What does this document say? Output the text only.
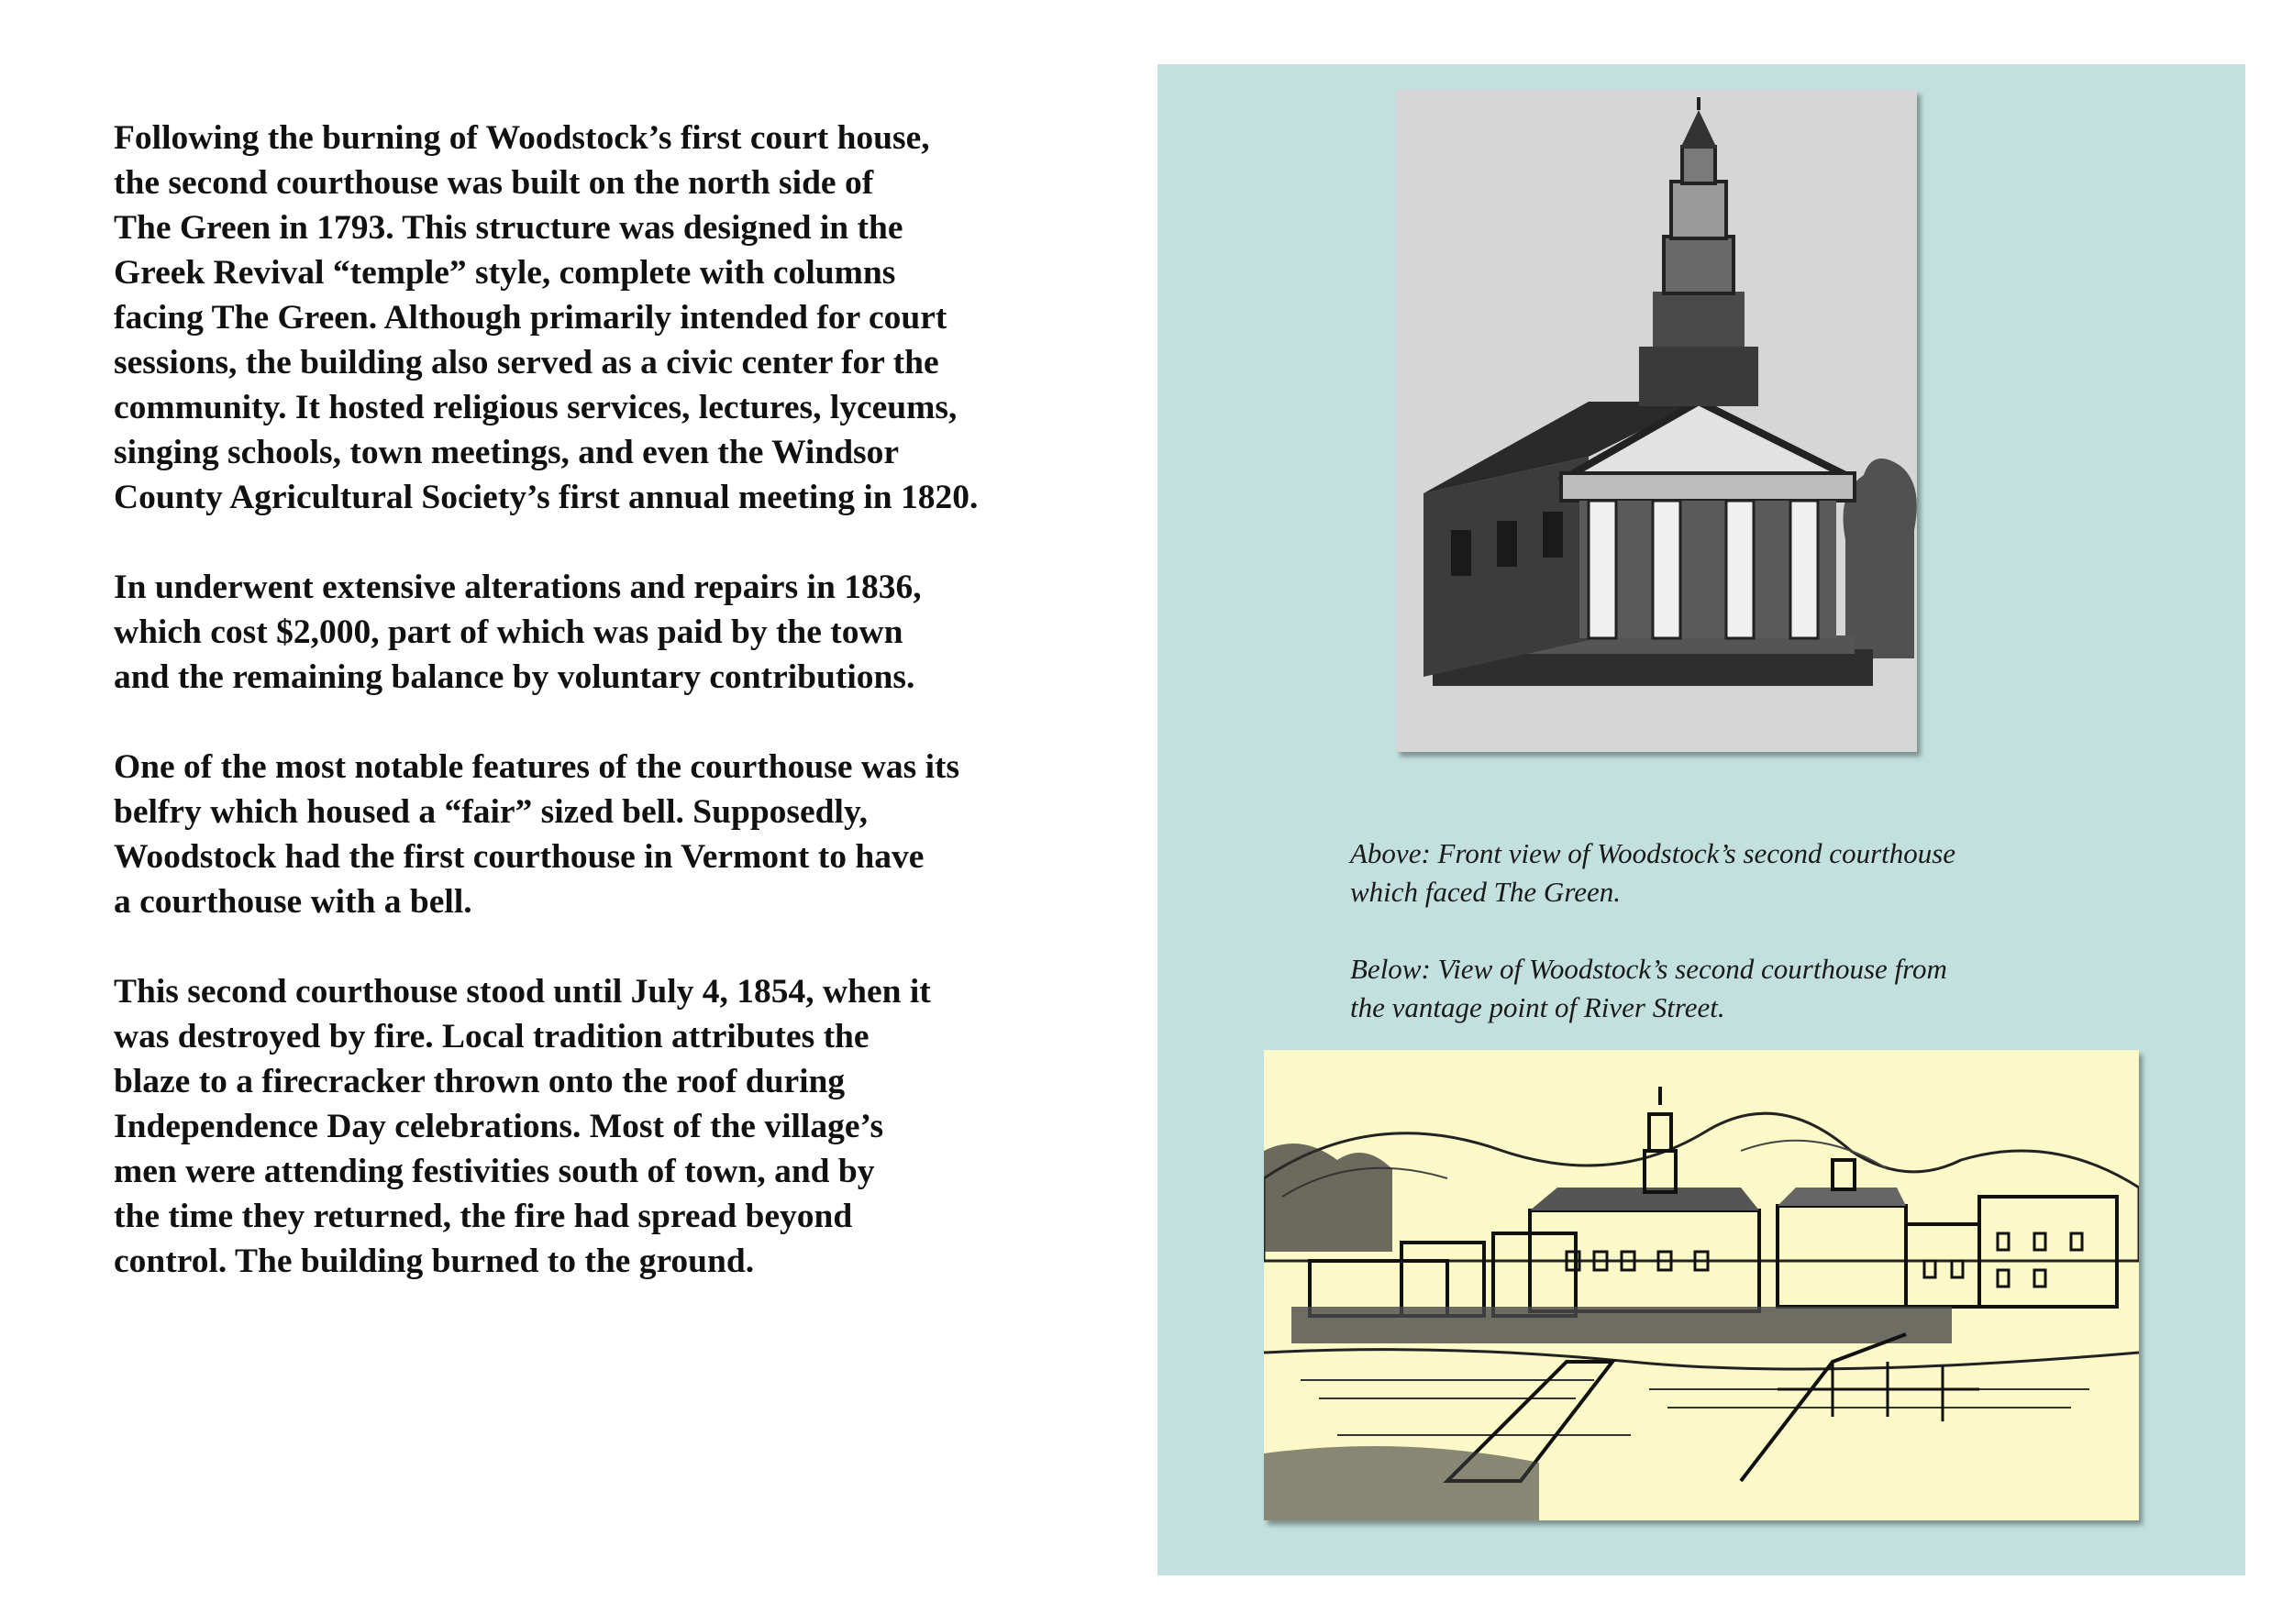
Following the burning of Woodstock’s first court house,
the second courthouse was built on the north side of
The Green in 1793. This structure was designed in the
Greek Revival “temple” style, complete with columns
facing The Green. Although primarily intended for court
sessions, the building also served as a civic center for the
community. It hosted religious services, lectures, lyceums,
singing schools, town meetings, and even the Windsor
County Agricultural Society’s first annual meeting in 1820.

In underwent extensive alterations and repairs in 1836,
which cost $2,000, part of which was paid by the town
and the remaining balance by voluntary contributions.

One of the most notable features of the courthouse was its
belfry which housed a “fair” sized bell. Supposedly,
Woodstock had the first courthouse in Vermont to have
a courthouse with a bell.

This second courthouse stood until July 4, 1854, when it
was destroyed by fire. Local tradition attributes the
blaze to a firecracker thrown onto the roof during
Independence Day celebrations. Most of the village’s
men were attending festivities south of town, and by
the time they returned, the fire had spread beyond
control. The building burned to the ground.

Above: Front view of Woodstock’s second courthouse
which faced The Green.

Below: View of Woodstock’s second courthouse from
the vantage point of River Street.
